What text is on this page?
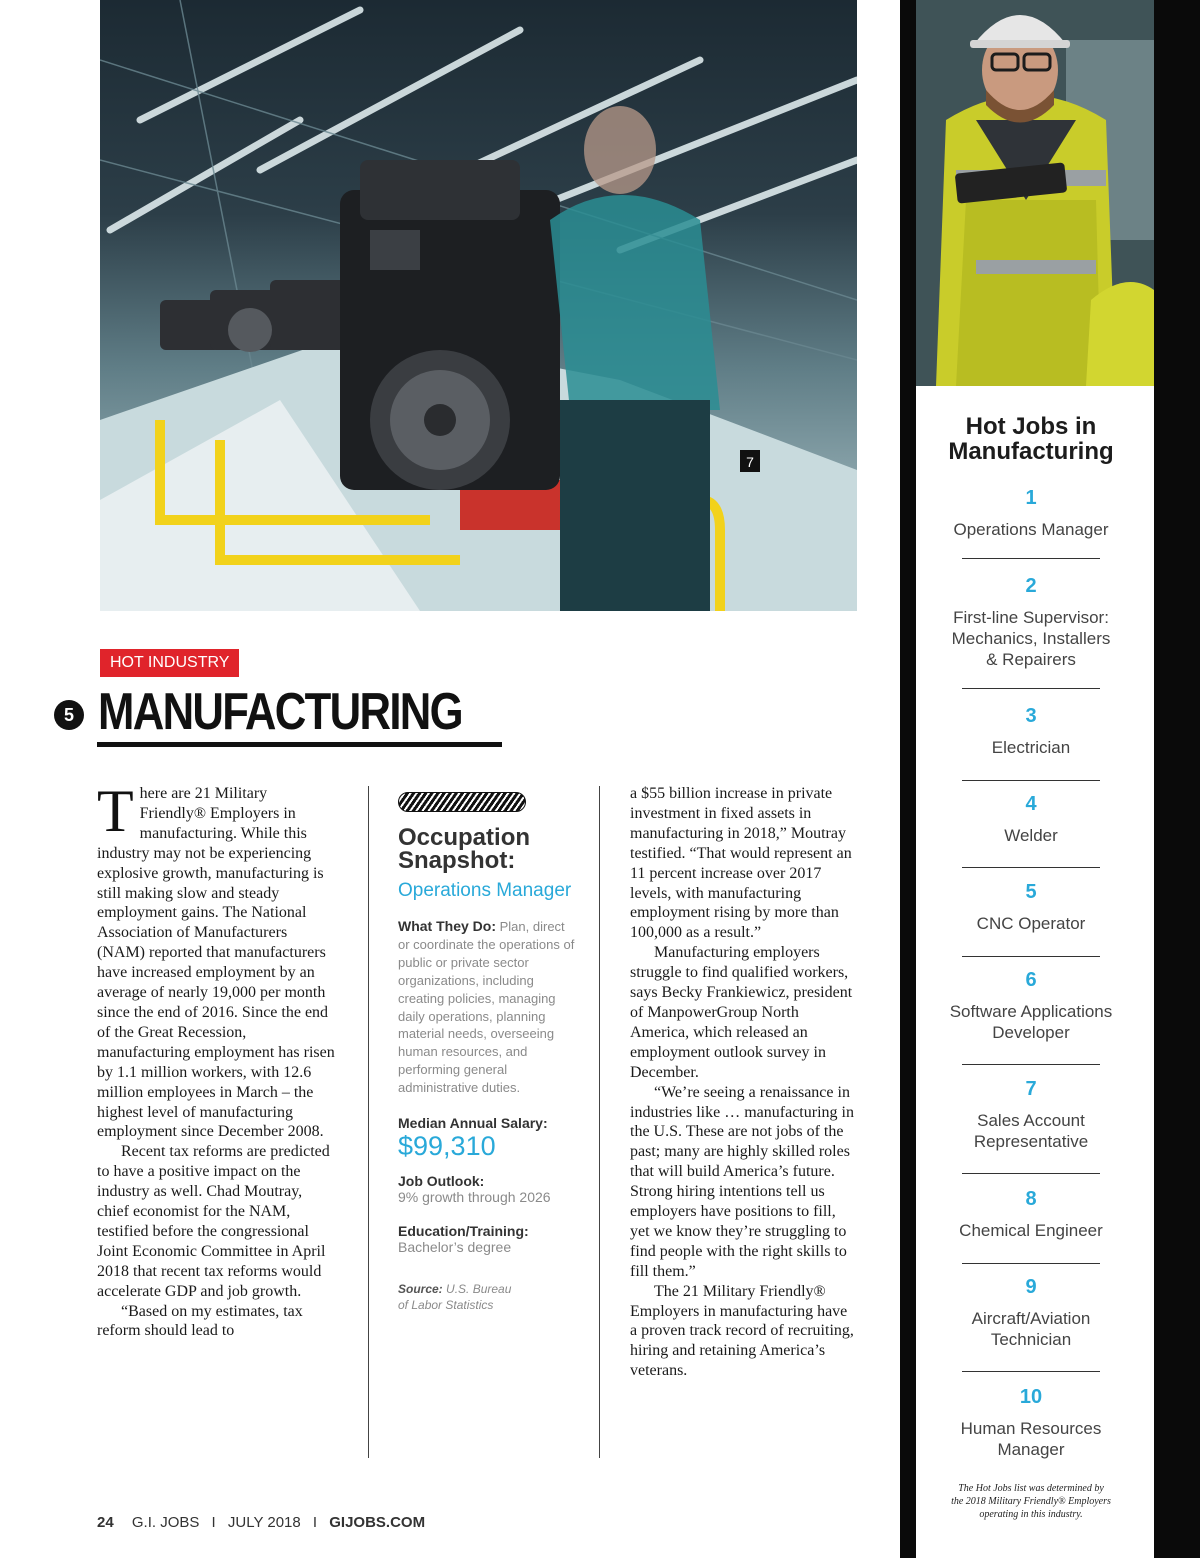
7
Hot Jobs in
Manufacturing
1
Operations Manager
2
First-line Supervisor:
Mechanics, Installers
& Repairers
3
Electrician
4
Welder
5
CNC Operator
6
Software Applications
Developer
7
Sales Account
Representative
8
Chemical Engineer
9
Aircraft/Aviation
Technician
10
Human Resources
Manager
The Hot Jobs list was determined by
the 2018 Military Friendly® Employers
operating in this industry.
HOT INDUSTRY
5 MANUFACTURING

There are 21 Military Friendly® Employers in manufacturing. While this industry may not be experiencing explosive growth, manufacturing is still making slow and steady employment gains. The National Association of Manufacturers (NAM) reported that manufacturers have increased employment by an average of nearly 19,000 per month since the end of 2016. Since the end of the Great Recession, manufacturing employment has risen by 1.1 million workers, with 12.6 million employees in March – the highest level of manufacturing employment since December 2008.

Recent tax reforms are predicted to have a positive impact on the industry as well. Chad Moutray, chief economist for the NAM, testified before the congressional Joint Economic Committee in April 2018 that recent tax reforms would accelerate GDP and job growth.

“Based on my estimates, tax reform should lead to

Occupation
Snapshot:
Operations Manager
What They Do: Plan, direct or coordinate the operations of public or private sector organizations, including creating policies, managing daily operations, planning material needs, overseeing human resources, and performing general administrative duties.
Median Annual Salary:
$99,310
Job Outlook:
9% growth through 2026
Education/Training:
Bachelor’s degree
Source: U.S. Bureau
of Labor Statistics

a $55 billion increase in private investment in fixed assets in manufacturing in 2018,” Moutray testified. “That would represent an 11 percent increase over 2017 levels, with manufacturing employment rising by more than 100,000 as a result.”

Manufacturing employers struggle to find qualified workers, says Becky Frankiewicz, president of ManpowerGroup North America, which released an employment outlook survey in December.

“We’re seeing a renaissance in industries like … manufacturing in the U.S. These are not jobs of the past; many are highly skilled roles that will build America’s future. Strong hiring intentions tell us employers have positions to fill, yet we know they’re struggling to find people with the right skills to fill them.”

The 21 Military Friendly® Employers in manufacturing have a proven track record of recruiting, hiring and retaining America’s veterans.

24 G.I. JOBS I JULY 2018 I GIJOBS.COM
